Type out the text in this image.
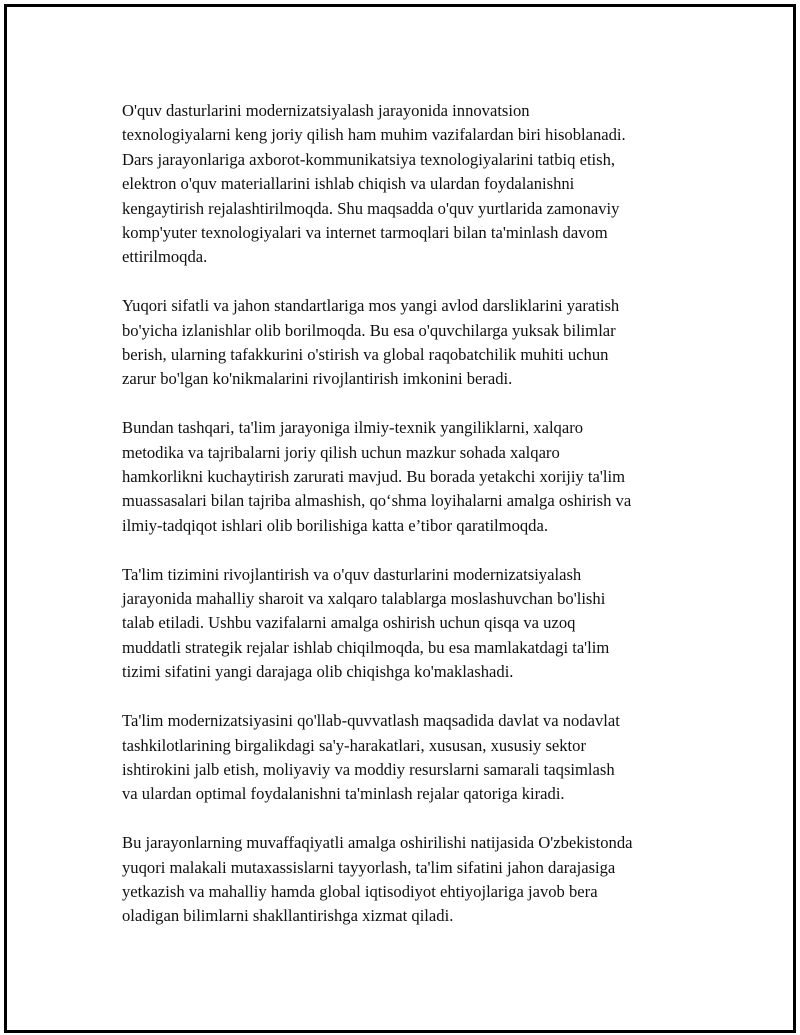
O'quv dasturlarini modernizatsiyalash jarayonida innovatsion
texnologiyalarni keng joriy qilish ham muhim vazifalardan biri hisoblanadi.
Dars jarayonlariga axborot-kommunikatsiya texnologiyalarini tatbiq etish,
elektron o'quv materiallarini ishlab chiqish va ulardan foydalanishni
kengaytirish rejalashtirilmoqda. Shu maqsadda o'quv yurtlarida zamonaviy
komp'yuter texnologiyalari va internet tarmoqlari bilan ta'minlash davom
ettirilmoqda.

Yuqori sifatli va jahon standartlariga mos yangi avlod darsliklarini yaratish
bo'yicha izlanishlar olib borilmoqda. Bu esa o'quvchilarga yuksak bilimlar
berish, ularning tafakkurini o'stirish va global raqobatchilik muhiti uchun
zarur bo'lgan ko'nikmalarini rivojlantirish imkonini beradi.

Bundan tashqari, ta'lim jarayoniga ilmiy-texnik yangiliklarni, xalqaro
metodika va tajribalarni joriy qilish uchun mazkur sohada xalqaro
hamkorlikni kuchaytirish zarurati mavjud. Bu borada yetakchi xorijiy ta'lim
muassasalari bilan tajriba almashish, qo‘shma loyihalarni amalga oshirish va
ilmiy-tadqiqot ishlari olib borilishiga katta e’tibor qaratilmoqda.

Ta'lim tizimini rivojlantirish va o'quv dasturlarini modernizatsiyalash
jarayonida mahalliy sharoit va xalqaro talablarga moslashuvchan bo'lishi
talab etiladi. Ushbu vazifalarni amalga oshirish uchun qisqa va uzoq
muddatli strategik rejalar ishlab chiqilmoqda, bu esa mamlakatdagi ta'lim
tizimi sifatini yangi darajaga olib chiqishga ko'maklashadi.

Ta'lim modernizatsiyasini qo'llab-quvvatlash maqsadida davlat va nodavlat
tashkilotlarining birgalikdagi sa'y-harakatlari, xususan, xususiy sektor
ishtirokini jalb etish, moliyaviy va moddiy resurslarni samarali taqsimlash
va ulardan optimal foydalanishni ta'minlash rejalar qatoriga kiradi.

Bu jarayonlarning muvaffaqiyatli amalga oshirilishi natijasida O'zbekistonda
yuqori malakali mutaxassislarni tayyorlash, ta'lim sifatini jahon darajasiga
yetkazish va mahalliy hamda global iqtisodiyot ehtiyojlariga javob bera
oladigan bilimlarni shakllantirishga xizmat qiladi.
